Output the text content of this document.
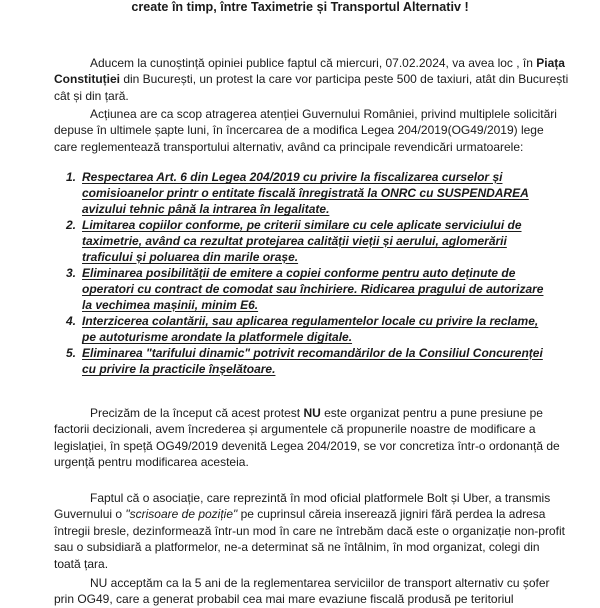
create în timp, între Taximetrie și Transportul Alternativ !
Aducem la cunoștință opiniei publice faptul că miercuri, 07.02.2024, va avea loc , în Piața
Constituției din București, un protest la care vor participa peste 500 de taxiuri, atât din București
cât și din țară.
Acțiunea are ca scop atragerea atenției Guvernului României, privind multiplele solicitări
depuse în ultimele șapte luni, în încercarea de a modifica Legea 204/2019(OG49/2019) lege
care reglementează transportului alternativ, având ca principale revendicări urmatoarele:
1. Respectarea Art. 6 din Legea 204/2019 cu privire la fiscalizarea curselor și
comisioanelor printr o entitate fiscală înregistrată la ONRC cu SUSPENDAREA
avizului tehnic până la intrarea în legalitate.
2. Limitarea copiilor conforme, pe criterii similare cu cele aplicate serviciului de
taximetrie, având ca rezultat protejarea calității vieții și aerului, aglomerării
traficului și poluarea din marile orașe.
3. Eliminarea posibilității de emitere a copiei conforme pentru auto deținute de
operatori cu contract de comodat sau închiriere. Ridicarea pragului de autorizare
la vechimea mașinii, minim E6.
4. Interzicerea colantării, sau aplicarea regulamentelor locale cu privire la reclame,
pe autoturisme arondate la platformele digitale.
5. Eliminarea "tarifului dinamic" potrivit recomandărilor de la Consiliul Concurenței
cu privire la practicile înșelătoare.
Precizăm de la început că acest protest NU este organizat pentru a pune presiune pe
factorii decizionali, avem încrederea și argumentele că propunerile noastre de modificare a
legislației, în speță OG49/2019 devenită Legea 204/2019, se vor concretiza într-o ordonanță de
urgență pentru modificarea acesteia.
Faptul că o asociație, care reprezintă în mod oficial platformele Bolt și Uber, a transmis
Guvernului o "scrisoare de poziție" pe cuprinsul căreia inserează jigniri fără perdea la adresa
întregii bresle, dezinformează într-un mod în care ne întrebăm dacă este o organizație non-profit
sau o subsidiară a platformelor, ne-a determinat să ne întâlnim, în mod organizat, colegi din
toată țara.
NU acceptăm ca la 5 ani de la reglementarea serviciilor de transport alternativ cu șofer
prin OG49, care a generat probabil cea mai mare evaziune fiscală produsă pe teritoriul
